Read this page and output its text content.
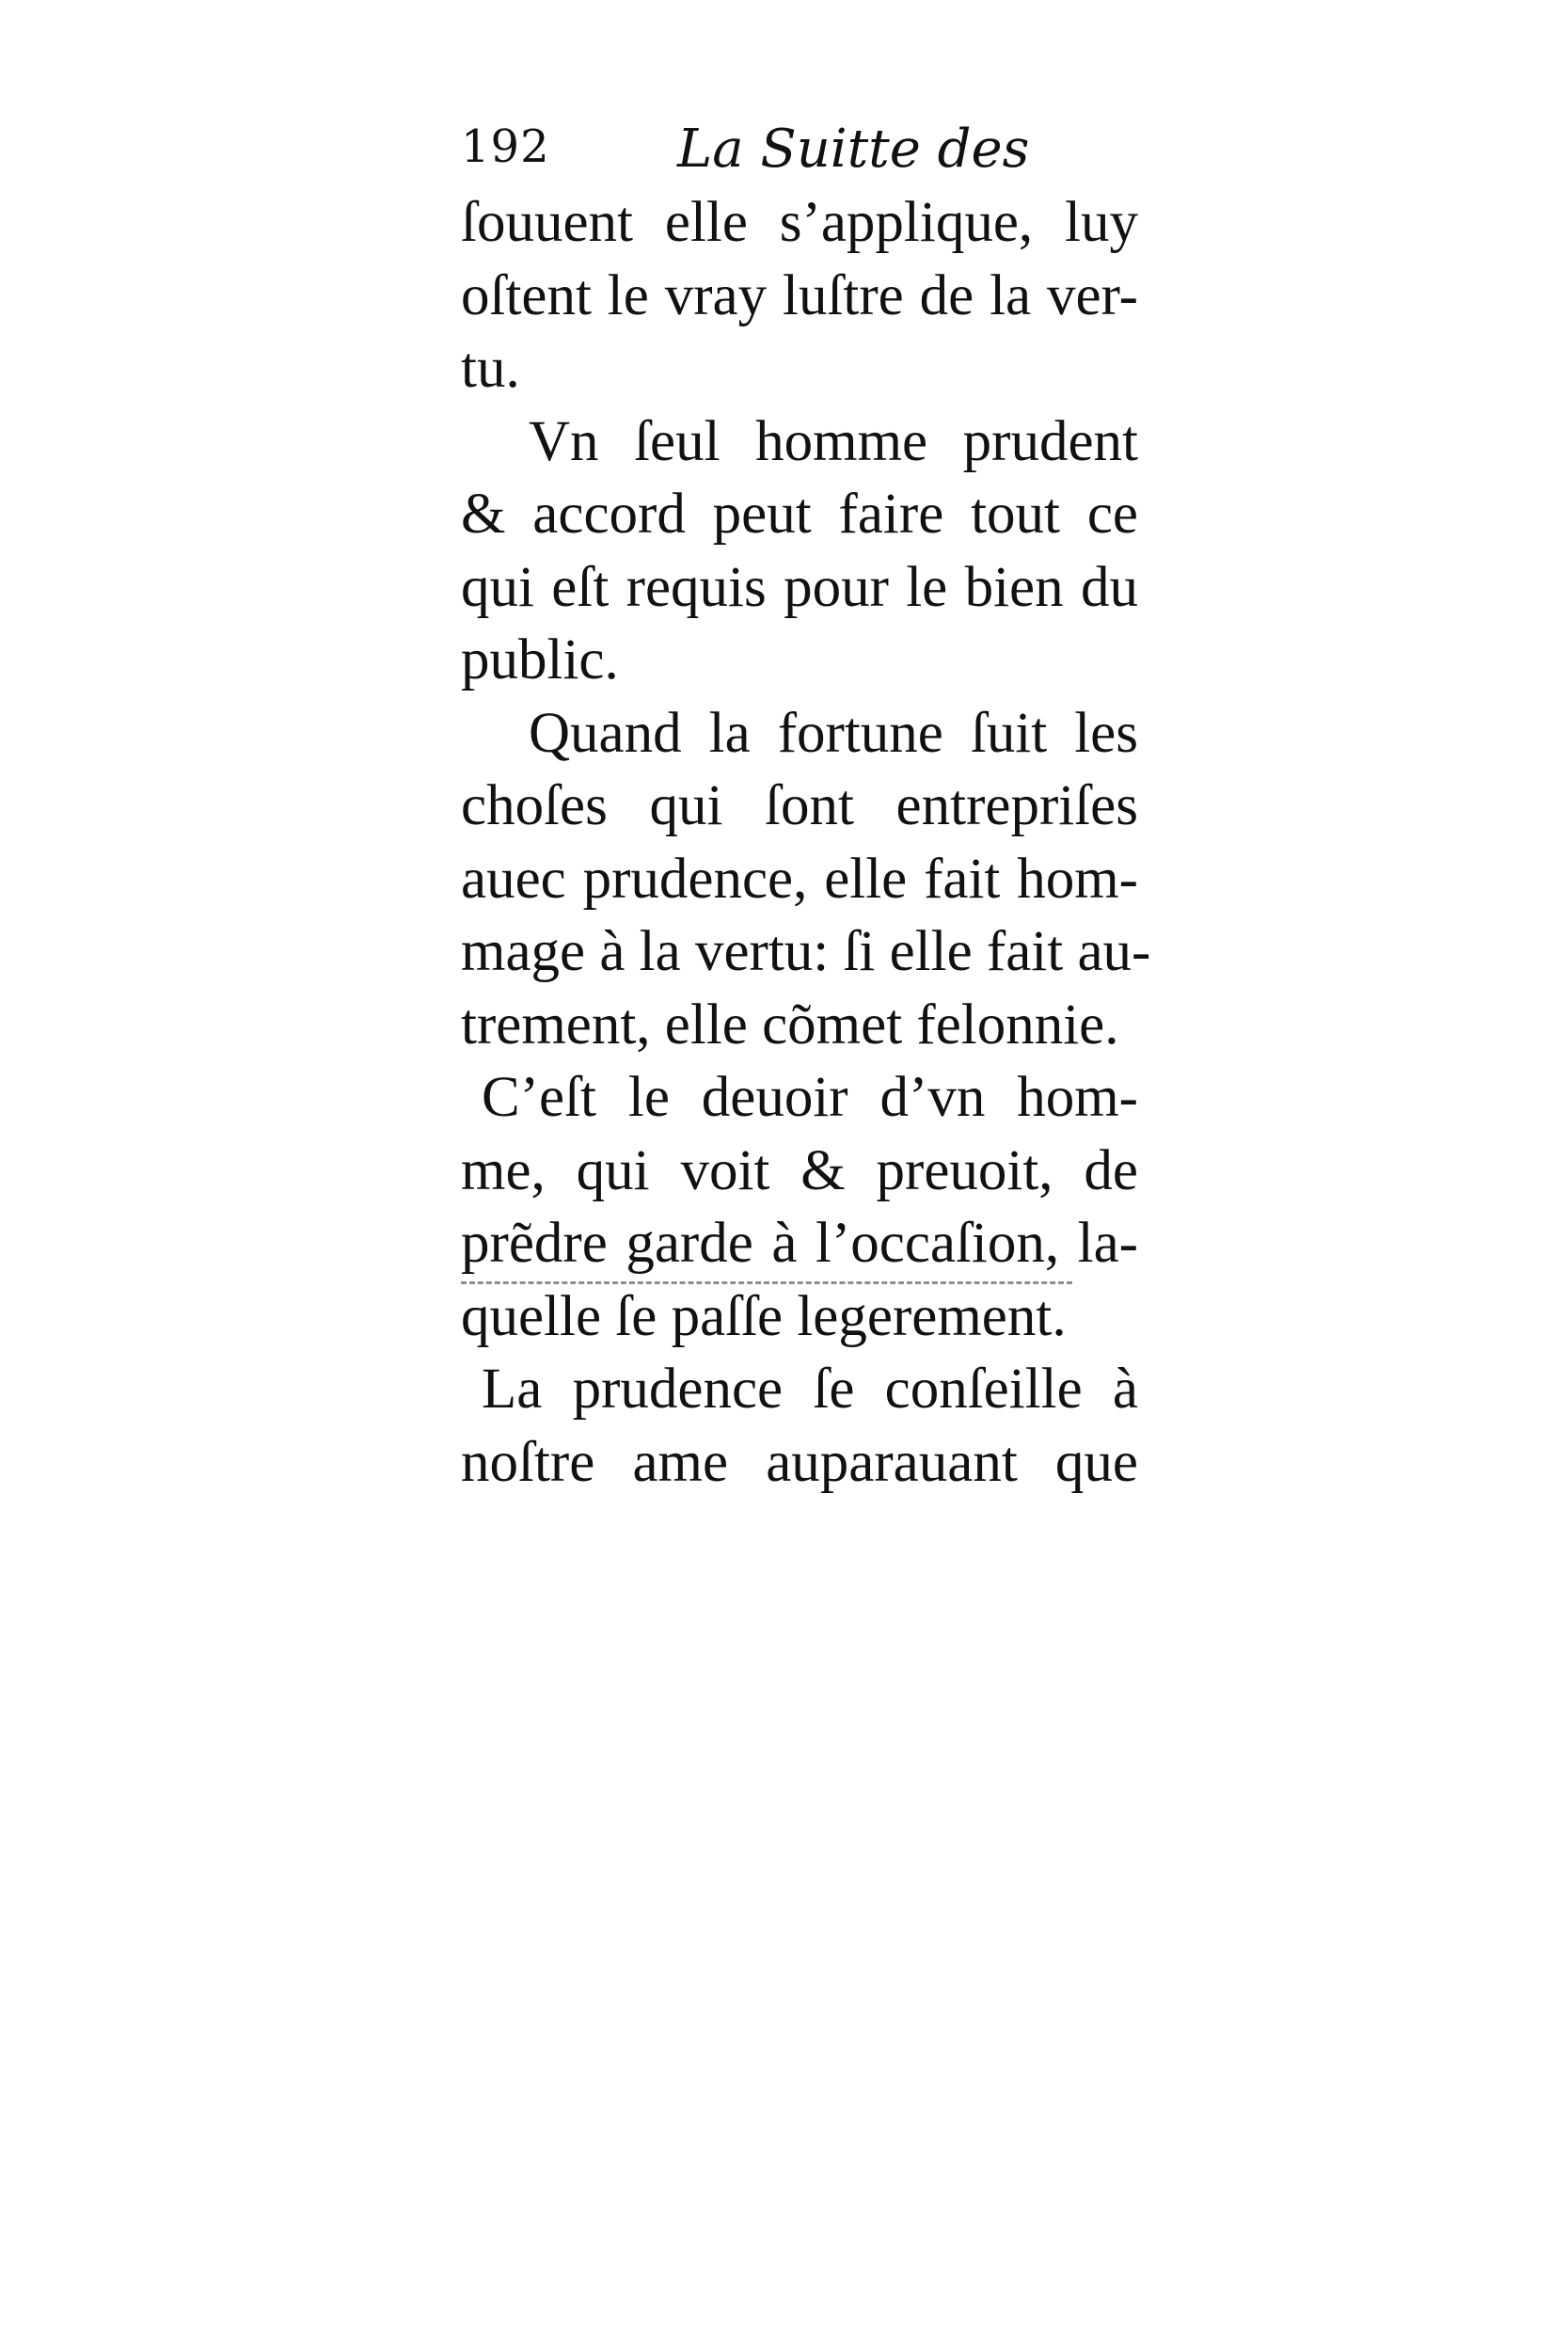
192 La Suitte des
ſouuent elle s’applique, luy
oſtent le vray luſtre de la ver-
tu.
Vn ſeul homme prudent
& accord peut faire tout ce
qui eſt requis pour le bien du
public.
Quand la fortune ſuit les
choſes qui ſont entrepriſes
auec prudence, elle fait hom-
mage à la vertu: ſi elle fait au-
trement, elle cõmet felonnie.
C’eſt le deuoir d’vn hom-
me, qui voit & preuoit, de
prẽdre garde à l’occaſion, la-
quelle ſe paſſe legerement.
La prudence ſe conſeille à
noſtre ame auparauant que
